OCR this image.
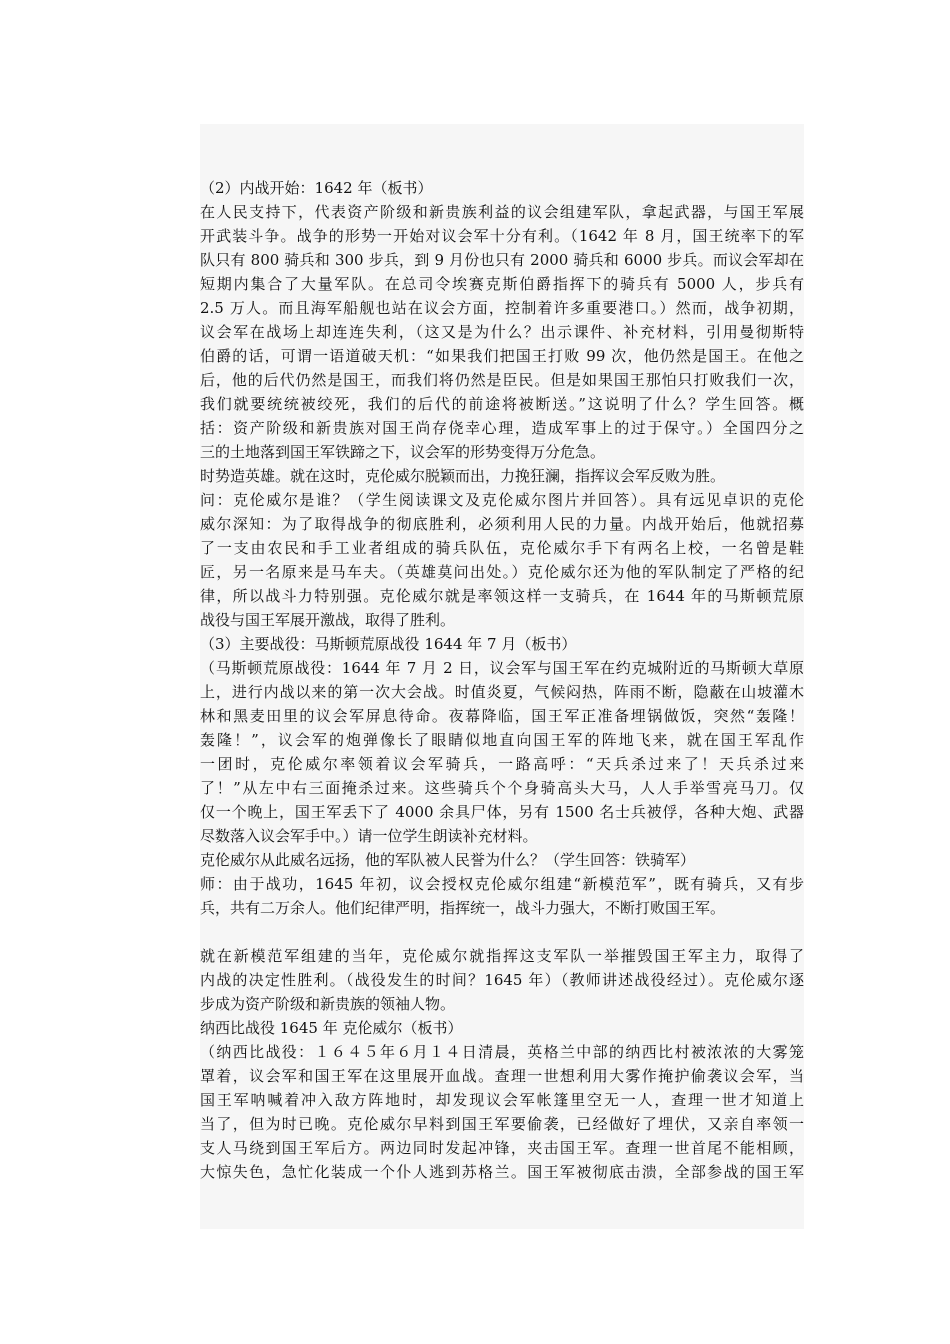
（2）内战开始：1642 年（板书）
在人民支持下，代表资产阶级和新贵族利益的议会组建军队，拿起武器，与国王军展
开武装斗争。战争的形势一开始对议会军十分有利。（1642 年 8 月，国王统率下的军
队只有 800 骑兵和 300 步兵，到 9 月份也只有 2000 骑兵和 6000 步兵。而议会军却在
短期内集合了大量军队。在总司令埃赛克斯伯爵指挥下的骑兵有 5000 人，步兵有
2.5 万人。而且海军船舰也站在议会方面，控制着许多重要港口。）然而，战争初期，
议会军在战场上却连连失利，（这又是为什么？出示课件、补充材料，引用曼彻斯特
伯爵的话，可谓一语道破天机：“如果我们把国王打败 99 次，他仍然是国王。在他之
后，他的后代仍然是国王，而我们将仍然是臣民。但是如果国王那怕只打败我们一次，
我们就要统统被绞死，我们的后代的前途将被断送。”这说明了什么？学生回答。概
括：资产阶级和新贵族对国王尚存侥幸心理，造成军事上的过于保守。）全国四分之
三的土地落到国王军铁蹄之下，议会军的形势变得万分危急。
时势造英雄。就在这时，克伦威尔脱颖而出，力挽狂澜，指挥议会军反败为胜。
问：克伦威尔是谁？（学生阅读课文及克伦威尔图片并回答）。具有远见卓识的克伦
威尔深知：为了取得战争的彻底胜利，必须利用人民的力量。内战开始后，他就招募
了一支由农民和手工业者组成的骑兵队伍，克伦威尔手下有两名上校，一名曾是鞋
匠，另一名原来是马车夫。（英雄莫问出处。）克伦威尔还为他的军队制定了严格的纪
律，所以战斗力特别强。克伦威尔就是率领这样一支骑兵，在 1644 年的马斯顿荒原
战役与国王军展开激战，取得了胜利。
（3）主要战役：马斯顿荒原战役 1644 年 7 月（板书）
（马斯顿荒原战役：1644 年 7 月 2 日，议会军与国王军在约克城附近的马斯顿大草原
上，进行内战以来的第一次大会战。时值炎夏，气候闷热，阵雨不断，隐蔽在山坡灌木
林和黑麦田里的议会军屏息待命。夜幕降临，国王军正准备埋锅做饭，突然“轰隆！
轰隆！”，议会军的炮弹像长了眼睛似地直向国王军的阵地飞来，就在国王军乱作
一团时，克伦威尔率领着议会军骑兵，一路高呼：“天兵杀过来了！天兵杀过来
了！”从左中右三面掩杀过来。这些骑兵个个身骑高头大马，人人手举雪亮马刀。仅
仅一个晚上，国王军丢下了 4000 余具尸体，另有 1500 名士兵被俘，各种大炮、武器
尽数落入议会军手中。）请一位学生朗读补充材料。
克伦威尔从此威名远扬，他的军队被人民誉为什么？（学生回答：铁骑军）
师：由于战功，1645 年初，议会授权克伦威尔组建“新模范军”，既有骑兵，又有步
兵，共有二万余人。他们纪律严明，指挥统一，战斗力强大，不断打败国王军。
就在新模范军组建的当年，克伦威尔就指挥这支军队一举摧毁国王军主力，取得了
内战的决定性胜利。（战役发生的时间？1645 年）（教师讲述战役经过）。克伦威尔逐
步成为资产阶级和新贵族的领袖人物。
纳西比战役 1645 年 克伦威尔（板书）
（纳西比战役：１６４５年６月１４日清晨，英格兰中部的纳西比村被浓浓的大雾笼
罩着，议会军和国王军在这里展开血战。查理一世想利用大雾作掩护偷袭议会军，当
国王军呐喊着冲入敌方阵地时，却发现议会军帐篷里空无一人，查理一世才知道上
当了，但为时已晚。克伦威尔早料到国王军要偷袭，已经做好了埋伏，又亲自率领一
支人马绕到国王军后方。两边同时发起冲锋，夹击国王军。查理一世首尾不能相顾，
大惊失色，急忙化装成一个仆人逃到苏格兰。国王军被彻底击溃，全部参战的国王军
